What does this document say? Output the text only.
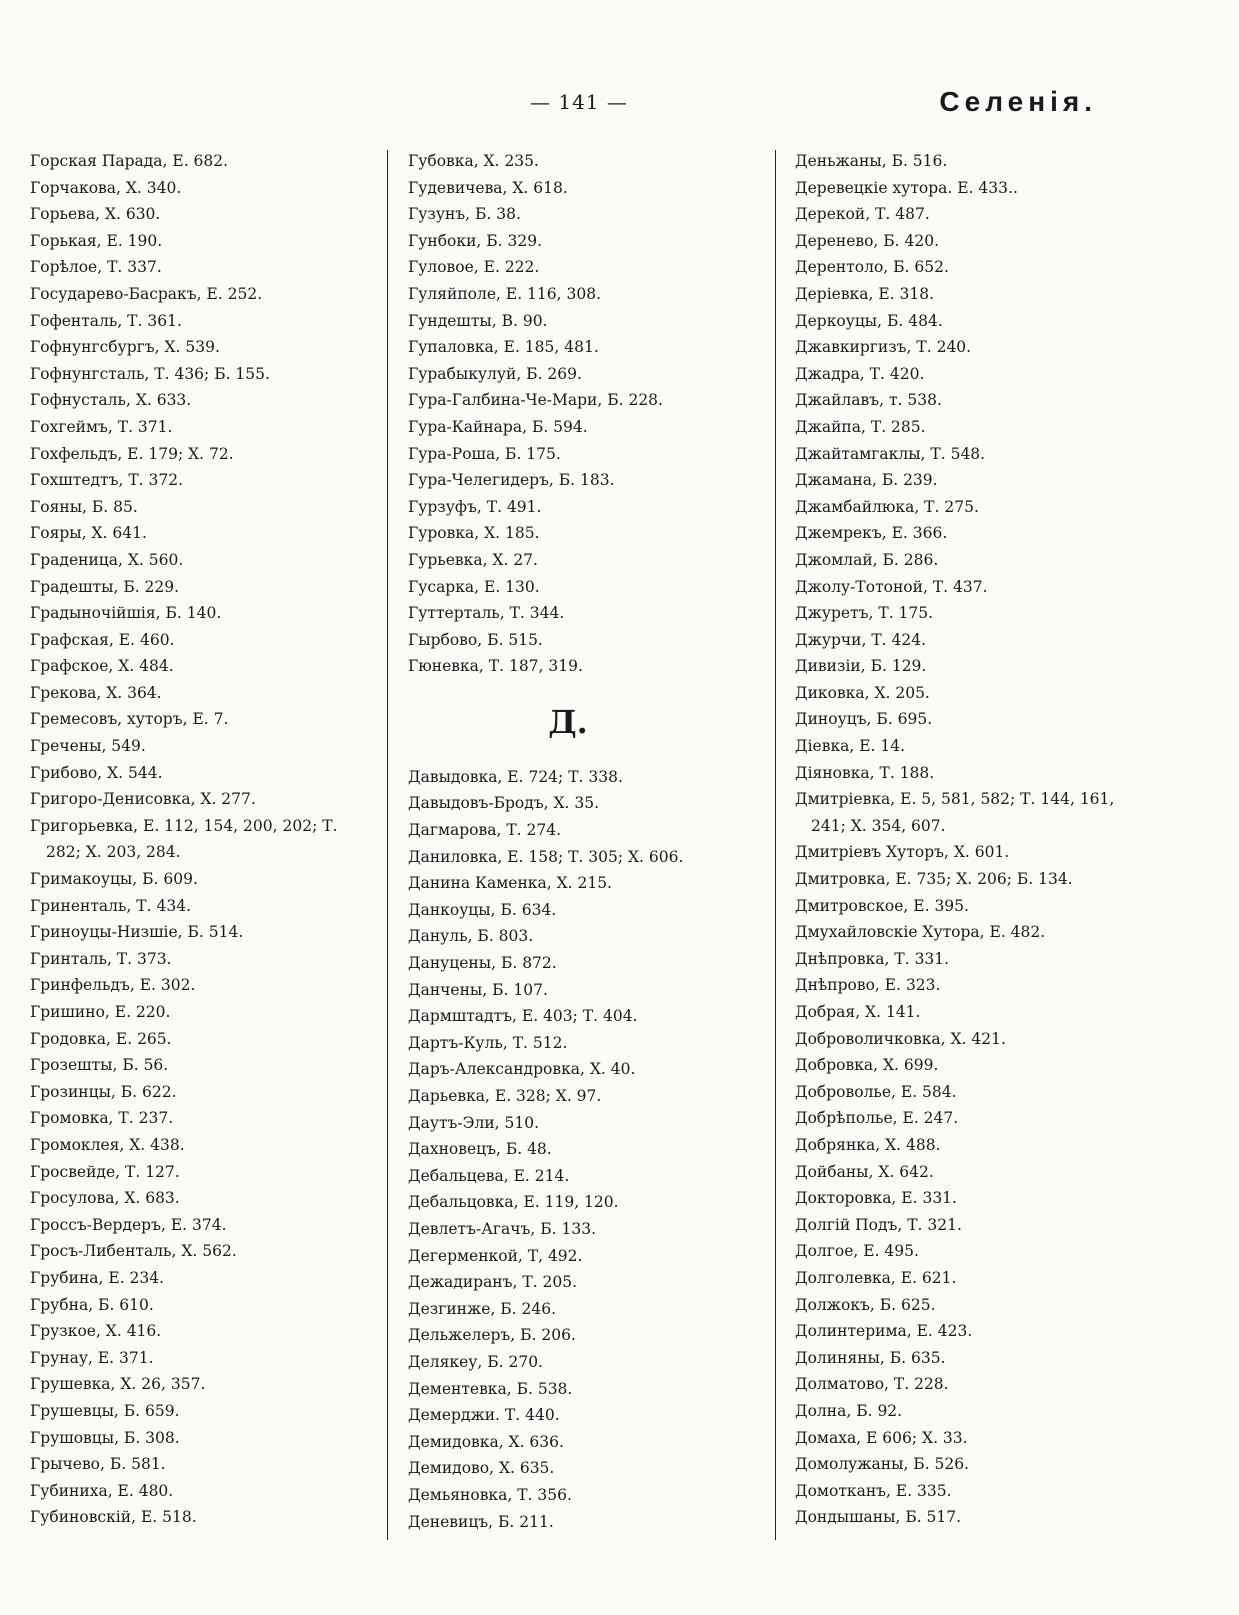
— 141 —	Селенія.
Горская Парада, Е. 682.
Горчакова, Х. 340.
Горьева, Х. 630.
Горькая, Е. 190.
Горѣлое, Т. 337.
Государево-Басракъ, Е. 252.
Гофенталь, Т. 361.
Гофнунгсбургъ, Х. 539.
Гофнунгсталь, Т. 436; Б. 155.
Гофнусталь, Х. 633.
Гохгеймъ, Т. 371.
Гохфельдъ, Е. 179; Х. 72.
Гохштедтъ, Т. 372.
Гояны, Б. 85.
Гояры, Х. 641.
Граденица, Х. 560.
Градешты, Б. 229.
Градыночійшія, Б. 140.
Графская, Е. 460.
Графское, Х. 484.
Грекова, Х. 364.
Гремесовъ, хуторъ, Е. 7.
Гречены, 549.
Грибово, Х. 544.
Григоро-Денисовка, Х. 277.
Григорьевка, Е. 112, 154, 200, 202; Т. 282; Х. 203, 284.
Гримакоуцы, Б. 609.
Гриненталь, Т. 434.
Гриноуцы-Низшіе, Б. 514.
Гринталь, Т. 373.
Гринфельдъ, Е. 302.
Гришино, Е. 220.
Гродовка, Е. 265.
Грозешты, Б. 56.
Грозинцы, Б. 622.
Громовка, Т. 237.
Громоклея, Х. 438.
Гросвейде, Т. 127.
Гросулова, Х. 683.
Гроссъ-Вердеръ, Е. 374.
Гросъ-Либенталь, Х. 562.
Грубина, Е. 234.
Грубна, Б. 610.
Грузкое, Х. 416.
Грунау, Е. 371.
Грушевка, Х. 26, 357.
Грушевцы, Б. 659.
Грушовцы, Б. 308.
Грычево, Б. 581.
Губиниха, Е. 480.
Губиновскій, Е. 518.
Губовка, Х. 235.
Гудевичева, Х. 618.
Гузунъ, Б. 38.
Гунбоки, Б. 329.
Гуловое, Е. 222.
Гуляйполе, Е. 116, 308.
Гундешты, В. 90.
Гупаловка, Е. 185, 481.
Гурабыкулуй, Б. 269.
Гура-Галбина-Че-Мари, Б. 228.
Гура-Кайнара, Б. 594.
Гура-Роша, Б. 175.
Гура-Челегидеръ, Б. 183.
Гурзуфъ, Т. 491.
Гуровка, Х. 185.
Гурьевка, Х. 27.
Гусарка, Е. 130.
Гуттерталь, Т. 344.
Гырбово, Б. 515.
Гюневка, Т. 187, 319.
Д.
Давыдовка, Е. 724; Т. 338.
Давыдовъ-Бродъ, Х. 35.
Дагмарова, Т. 274.
Даниловка, Е. 158; Т. 305; Х. 606.
Данина Каменка, Х. 215.
Данкоуцы, Б. 634.
Дануль, Б. 803.
Дануцены, Б. 872.
Данчены, Б. 107.
Дармштадтъ, Е. 403; Т. 404.
Дартъ-Куль, Т. 512.
Даръ-Александровка, Х. 40.
Дарьевка, Е. 328; Х. 97.
Даутъ-Эли, 510.
Дахновецъ, Б. 48.
Дебальцева, Е. 214.
Дебальцовка, Е. 119, 120.
Девлетъ-Агачъ, Б. 133.
Дегерменкой, Т, 492.
Дежадиранъ, Т. 205.
Дезгинже, Б. 246.
Дельжелеръ, Б. 206.
Делякеу, Б. 270.
Дементевка, Б. 538.
Демерджи. Т. 440.
Демидовка, Х. 636.
Демидово, Х. 635.
Демьяновка, Т. 356.
Деневицъ, Б. 211.
Деньжаны, Б. 516.
Деревецкіе хутора. Е. 433..
Дерекой, Т. 487.
Деренево, Б. 420.
Дерентоло, Б. 652.
Деріевка, Е. 318.
Деркоуцы, Б. 484.
Джавкиргизъ, Т. 240.
Джадра, Т. 420.
Джайлавъ, т. 538.
Джайпа, Т. 285.
Джайтамгаклы, Т. 548.
Джамана, Б. 239.
Джамбайлюка, Т. 275.
Джемрекъ, Е. 366.
Джомлай, Б. 286.
Джолу-Тотоной, Т. 437.
Джуретъ, Т. 175.
Джурчи, Т. 424.
Дивизіи, Б. 129.
Диковка, Х. 205.
Диноуцъ, Б. 695.
Діевка, Е. 14.
Діяновка, Т. 188.
Дмитріевка, Е. 5, 581, 582; Т. 144, 161, 241; Х. 354, 607.
Дмитріевъ Хуторъ, Х. 601.
Дмитровка, Е. 735; Х. 206; Б. 134.
Дмитровское, Е. 395.
Дмухайловскіе Хутора, Е. 482.
Днѣпровка, Т. 331.
Днѣпрово, Е. 323.
Добрая, Х. 141.
Доброволичковка, Х. 421.
Добровка, Х. 699.
Доброволье, Е. 584.
Добрѣполье, Е. 247.
Добрянка, Х. 488.
Дойбаны, Х. 642.
Докторовка, Е. 331.
Долгій Подъ, Т. 321.
Долгое, Е. 495.
Долголевка, Е. 621.
Должокъ, Б. 625.
Долинтерима, Е. 423.
Долиняны, Б. 635.
Долматово, Т. 228.
Долна, Б. 92.
Домаха, Е 606; Х. 33.
Домолужаны, Б. 526.
Домотканъ, Е. 335.
Дондышаны, Б. 517.
